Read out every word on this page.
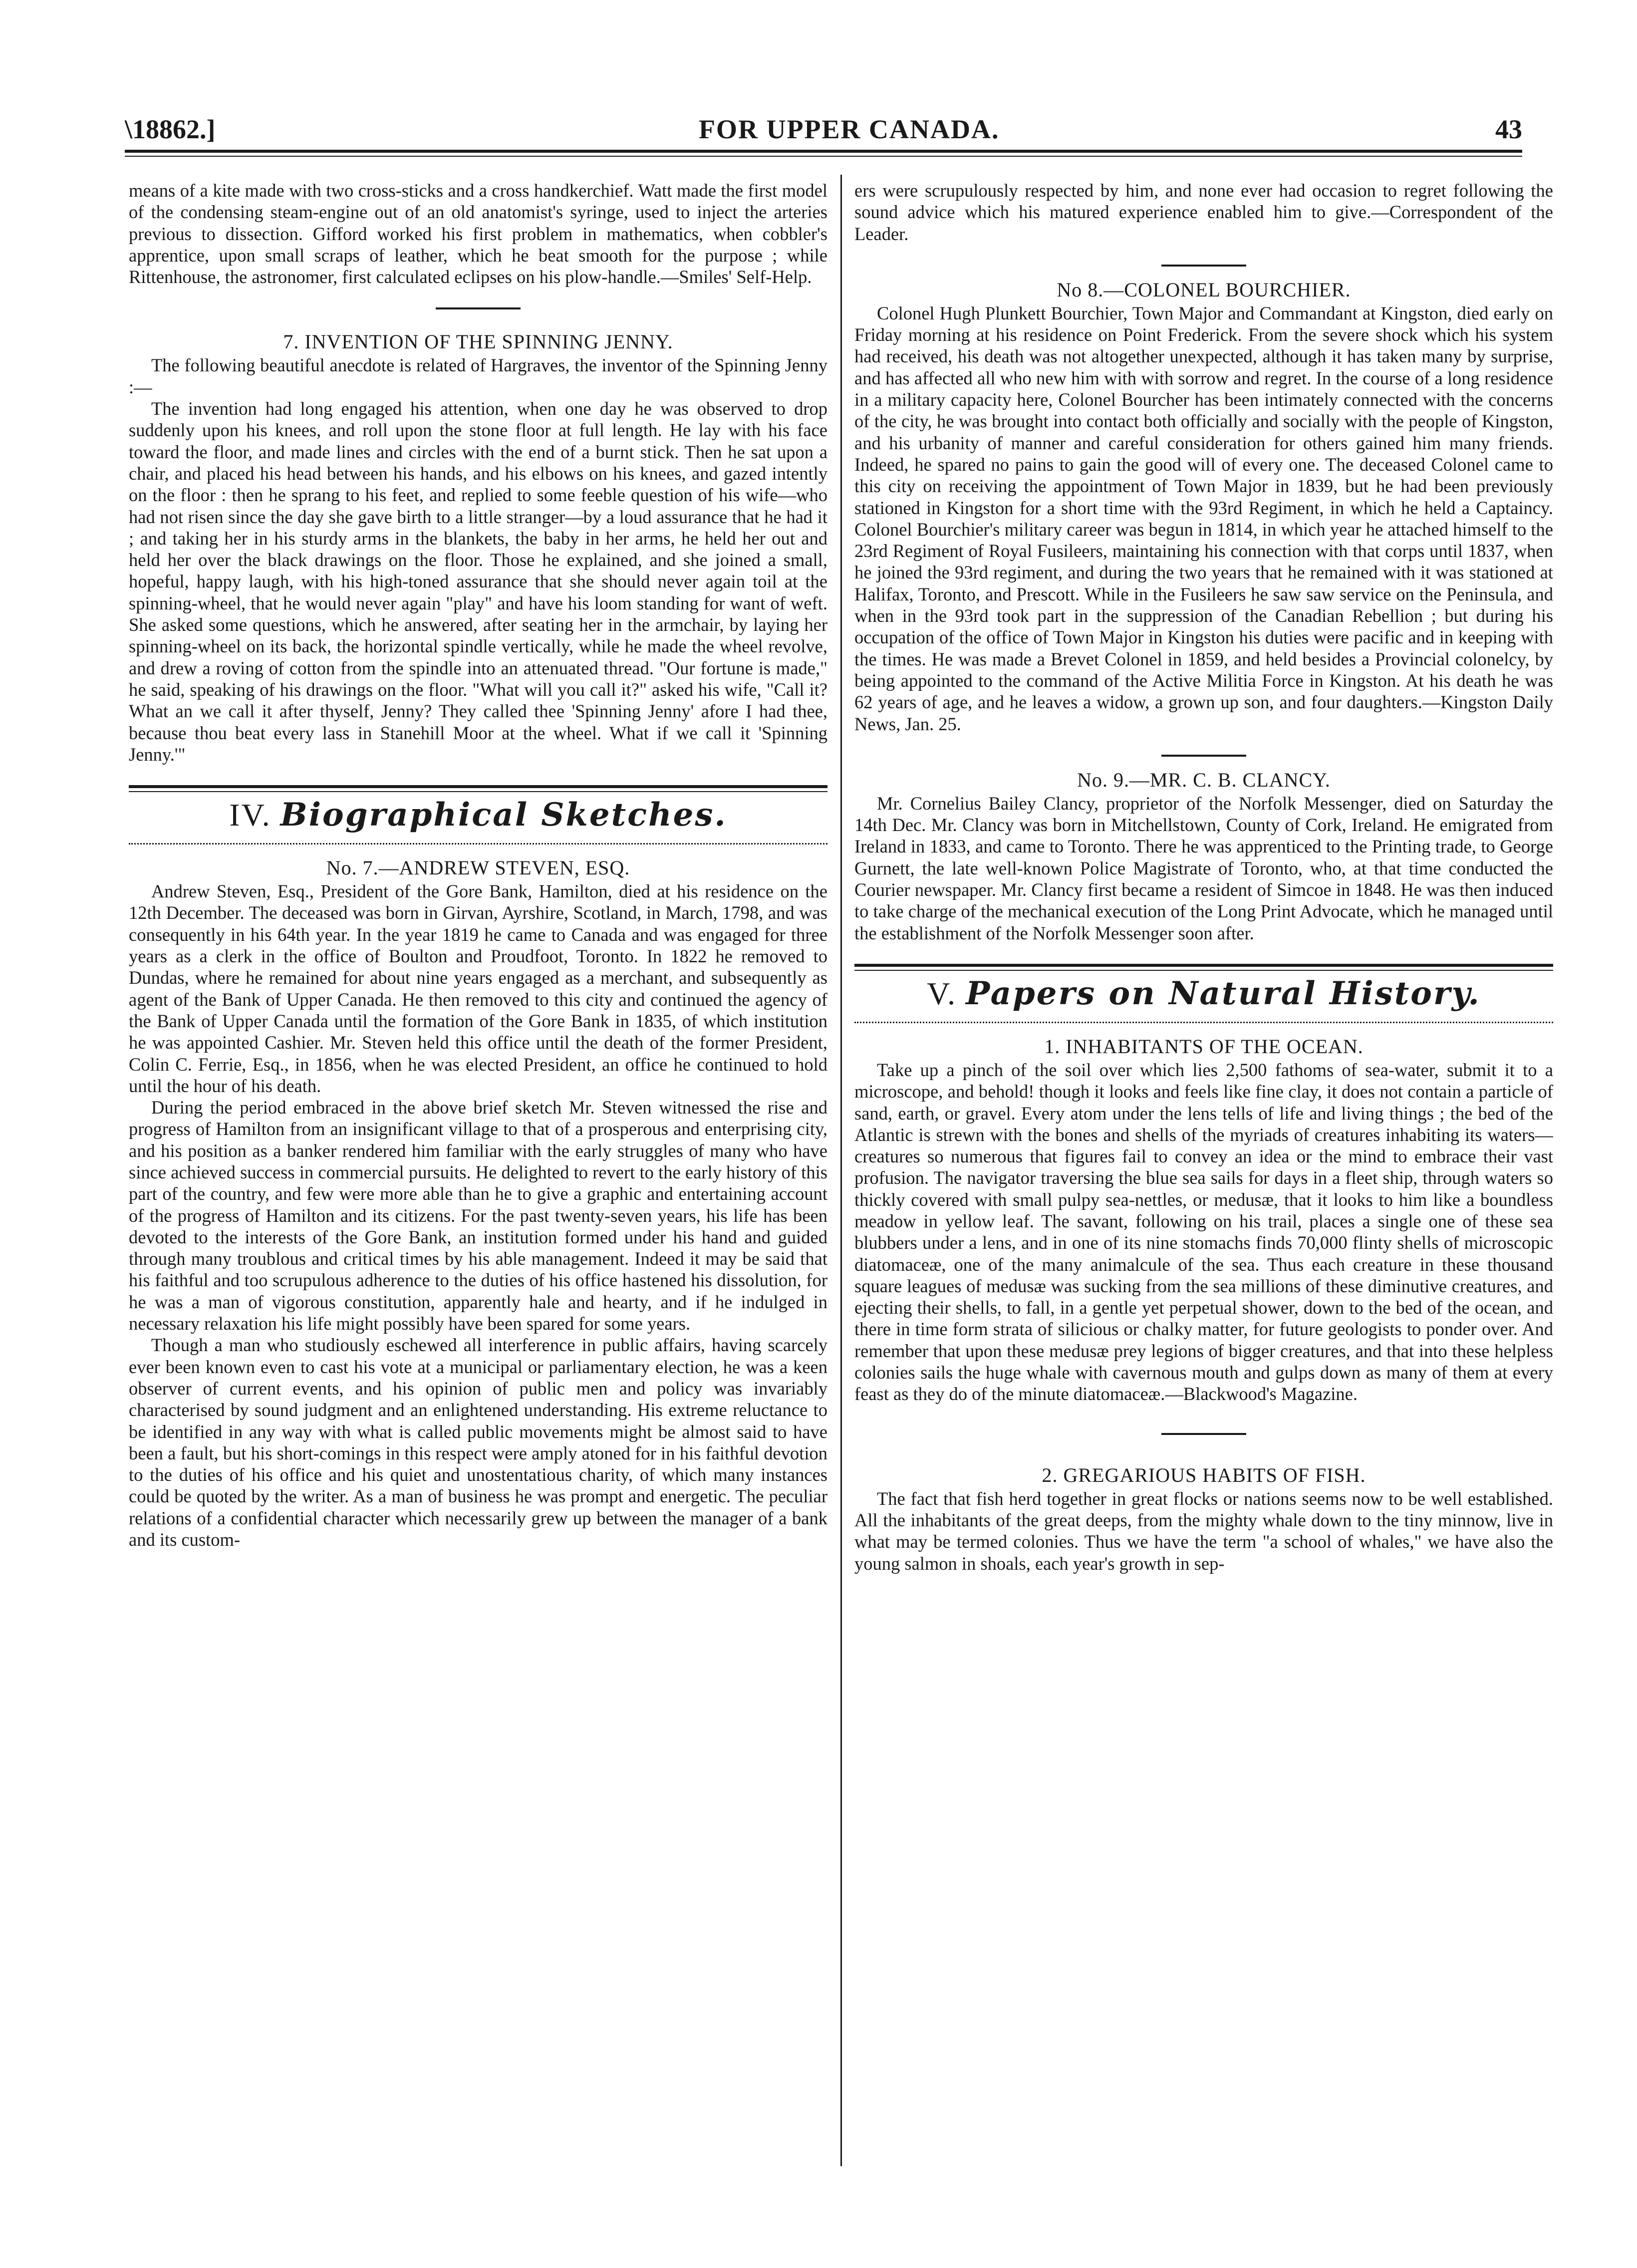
\18862.]	FOR UPPER CANADA.	43

means of a kite made with two cross-sticks and a cross handkerchief. Watt made the first model of the condensing steam-engine out of an old anatomist's syringe, used to inject the arteries previous to dissection. Gifford worked his first problem in mathematics, when cobbler's apprentice, upon small scraps of leather, which he beat smooth for the purpose ; while Rittenhouse, the astronomer, first calculated eclipses on his plow-handle.—Smiles' Self-Help.

7. INVENTION OF THE SPINNING JENNY.

The following beautiful anecdote is related of Hargraves, the inventor of the Spinning Jenny :—

The invention had long engaged his attention, when one day he was observed to drop suddenly upon his knees, and roll upon the stone floor at full length. He lay with his face toward the floor, and made lines and circles with the end of a burnt stick. Then he sat upon a chair, and placed his head between his hands, and his elbows on his knees, and gazed intently on the floor : then he sprang to his feet, and replied to some feeble question of his wife—who had not risen since the day she gave birth to a little stranger—by a loud assurance that he had it ; and taking her in his sturdy arms in the blankets, the baby in her arms, he held her out and held her over the black drawings on the floor. Those he explained, and she joined a small, hopeful, happy laugh, with his high-toned assurance that she should never again toil at the spinning-wheel, that he would never again "play" and have his loom standing for want of weft. She asked some questions, which he answered, after seating her in the armchair, by laying her spinning-wheel on its back, the horizontal spindle vertically, while he made the wheel revolve, and drew a roving of cotton from the spindle into an attenuated thread. "Our fortune is made," he said, speaking of his drawings on the floor. "What will you call it?" asked his wife, "Call it? What an we call it after thyself, Jenny? They called thee 'Spinning Jenny' afore I had thee, because thou beat every lass in Stanehill Moor at the wheel. What if we call it 'Spinning Jenny.'"

IV. Biographical Sketches.
No. 7.—ANDREW STEVEN, ESQ.

Andrew Steven, Esq., President of the Gore Bank, Hamilton, died at his residence on the 12th December. The deceased was born in Girvan, Ayrshire, Scotland, in March, 1798, and was consequently in his 64th year. In the year 1819 he came to Canada and was engaged for three years as a clerk in the office of Boulton and Proudfoot, Toronto. In 1822 he removed to Dundas, where he remained for about nine years engaged as a merchant, and subsequently as agent of the Bank of Upper Canada. He then removed to this city and continued the agency of the Bank of Upper Canada until the formation of the Gore Bank in 1835, of which institution he was appointed Cashier. Mr. Steven held this office until the death of the former President, Colin C. Ferrie, Esq., in 1856, when he was elected President, an office he continued to hold until the hour of his death.

During the period embraced in the above brief sketch Mr. Steven witnessed the rise and progress of Hamilton from an insignificant village to that of a prosperous and enterprising city, and his position as a banker rendered him familiar with the early struggles of many who have since achieved success in commercial pursuits. He delighted to revert to the early history of this part of the country, and few were more able than he to give a graphic and entertaining account of the progress of Hamilton and its citizens. For the past twenty-seven years, his life has been devoted to the interests of the Gore Bank, an institution formed under his hand and guided through many troublous and critical times by his able management. Indeed it may be said that his faithful and too scrupulous adherence to the duties of his office hastened his dissolution, for he was a man of vigorous constitution, apparently hale and hearty, and if he indulged in necessary relaxation his life might possibly have been spared for some years.

Though a man who studiously eschewed all interference in public affairs, having scarcely ever been known even to cast his vote at a municipal or parliamentary election, he was a keen observer of current events, and his opinion of public men and policy was invariably characterised by sound judgment and an enlightened understanding. His extreme reluctance to be identified in any way with what is called public movements might be almost said to have been a fault, but his short-comings in this respect were amply atoned for in his faithful devotion to the duties of his office and his quiet and unostentatious charity, of which many instances could be quoted by the writer. As a man of business he was prompt and energetic. The peculiar relations of a confidential character which necessarily grew up between the manager of a bank and its custom-

ers were scrupulously respected by him, and none ever had occasion to regret following the sound advice which his matured experience enabled him to give.—Correspondent of the Leader.

No 8.—COLONEL BOURCHIER.

Colonel Hugh Plunkett Bourchier, Town Major and Commandant at Kingston, died early on Friday morning at his residence on Point Frederick. From the severe shock which his system had received, his death was not altogether unexpected, although it has taken many by surprise, and has affected all who new him with with sorrow and regret. In the course of a long residence in a military capacity here, Colonel Bourcher has been intimately connected with the concerns of the city, he was brought into contact both officially and socially with the people of Kingston, and his urbanity of manner and careful consideration for others gained him many friends. Indeed, he spared no pains to gain the good will of every one. The deceased Colonel came to this city on receiving the appointment of Town Major in 1839, but he had been previously stationed in Kingston for a short time with the 93rd Regiment, in which he held a Captaincy. Colonel Bourchier's military career was begun in 1814, in which year he attached himself to the 23rd Regiment of Royal Fusileers, maintaining his connection with that corps until 1837, when he joined the 93rd regiment, and during the two years that he remained with it was stationed at Halifax, Toronto, and Prescott. While in the Fusileers he saw saw service on the Peninsula, and when in the 93rd took part in the suppression of the Canadian Rebellion ; but during his occupation of the office of Town Major in Kingston his duties were pacific and in keeping with the times. He was made a Brevet Colonel in 1859, and held besides a Provincial colonelcy, by being appointed to the command of the Active Militia Force in Kingston. At his death he was 62 years of age, and he leaves a widow, a grown up son, and four daughters.—Kingston Daily News, Jan. 25.

No. 9.—MR. C. B. CLANCY.

Mr. Cornelius Bailey Clancy, proprietor of the Norfolk Messenger, died on Saturday the 14th Dec. Mr. Clancy was born in Mitchellstown, County of Cork, Ireland. He emigrated from Ireland in 1833, and came to Toronto. There he was apprenticed to the Printing trade, to George Gurnett, the late well-known Police Magistrate of Toronto, who, at that time conducted the Courier newspaper. Mr. Clancy first became a resident of Simcoe in 1848. He was then induced to take charge of the mechanical execution of the Long Print Advocate, which he managed until the establishment of the Norfolk Messenger soon after.

V. Papers on Natural History.
1. INHABITANTS OF THE OCEAN.

Take up a pinch of the soil over which lies 2,500 fathoms of sea-water, submit it to a microscope, and behold! though it looks and feels like fine clay, it does not contain a particle of sand, earth, or gravel. Every atom under the lens tells of life and living things ; the bed of the Atlantic is strewn with the bones and shells of the myriads of creatures inhabiting its waters—creatures so numerous that figures fail to convey an idea or the mind to embrace their vast profusion. The navigator traversing the blue sea sails for days in a fleet ship, through waters so thickly covered with small pulpy sea-nettles, or medusæ, that it looks to him like a boundless meadow in yellow leaf. The savant, following on his trail, places a single one of these sea blubbers under a lens, and in one of its nine stomachs finds 70,000 flinty shells of microscopic diatomaceæ, one of the many animalcule of the sea. Thus each creature in these thousand square leagues of medusæ was sucking from the sea millions of these diminutive creatures, and ejecting their shells, to fall, in a gentle yet perpetual shower, down to the bed of the ocean, and there in time form strata of silicious or chalky matter, for future geologists to ponder over. And remember that upon these medusæ prey legions of bigger creatures, and that into these helpless colonies sails the huge whale with cavernous mouth and gulps down as many of them at every feast as they do of the minute diatomaceæ.—Blackwood's Magazine.

2. GREGARIOUS HABITS OF FISH.

The fact that fish herd together in great flocks or nations seems now to be well established. All the inhabitants of the great deeps, from the mighty whale down to the tiny minnow, live in what may be termed colonies. Thus we have the term "a school of whales," we have also the young salmon in shoals, each year's growth in sep-
